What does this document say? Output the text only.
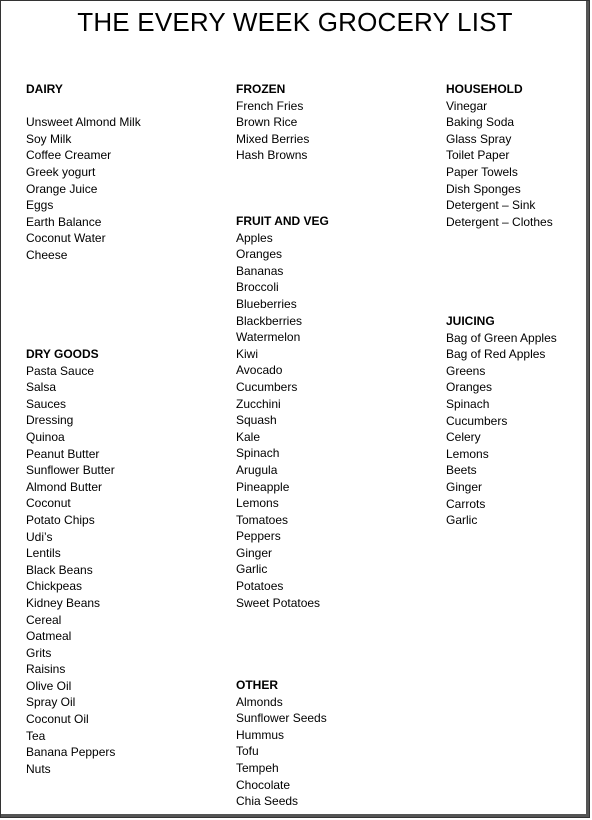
THE EVERY WEEK GROCERY LIST
DAIRY
Unsweet Almond Milk
Soy Milk
Coffee Creamer
Greek yogurt
Orange Juice
Eggs
Earth Balance
Coconut Water
Cheese
DRY GOODS
Pasta Sauce
Salsa
Sauces
Dressing
Quinoa
Peanut Butter
Sunflower Butter
Almond Butter
Coconut
Potato Chips
Udi’s
Lentils
Black Beans
Chickpeas
Kidney Beans
Cereal
Oatmeal
Grits
Raisins
Olive Oil
Spray Oil
Coconut Oil
Tea
Banana Peppers
Nuts
FROZEN
French Fries
Brown Rice
Mixed Berries
Hash Browns
FRUIT AND VEG
Apples
Oranges
Bananas
Broccoli
Blueberries
Blackberries
Watermelon
Kiwi
Avocado
Cucumbers
Zucchini
Squash
Kale
Spinach
Arugula
Pineapple
Lemons
Tomatoes
Peppers
Ginger
Garlic
Potatoes
Sweet Potatoes
OTHER
Almonds
Sunflower Seeds
Hummus
Tofu
Tempeh
Chocolate
Chia Seeds
HOUSEHOLD
Vinegar
Baking Soda
Glass Spray
Toilet Paper
Paper Towels
Dish Sponges
Detergent – Sink
Detergent – Clothes
JUICING
Bag of Green Apples
Bag of Red Apples
Greens
Oranges
Spinach
Cucumbers
Celery
Lemons
Beets
Ginger
Carrots
Garlic
